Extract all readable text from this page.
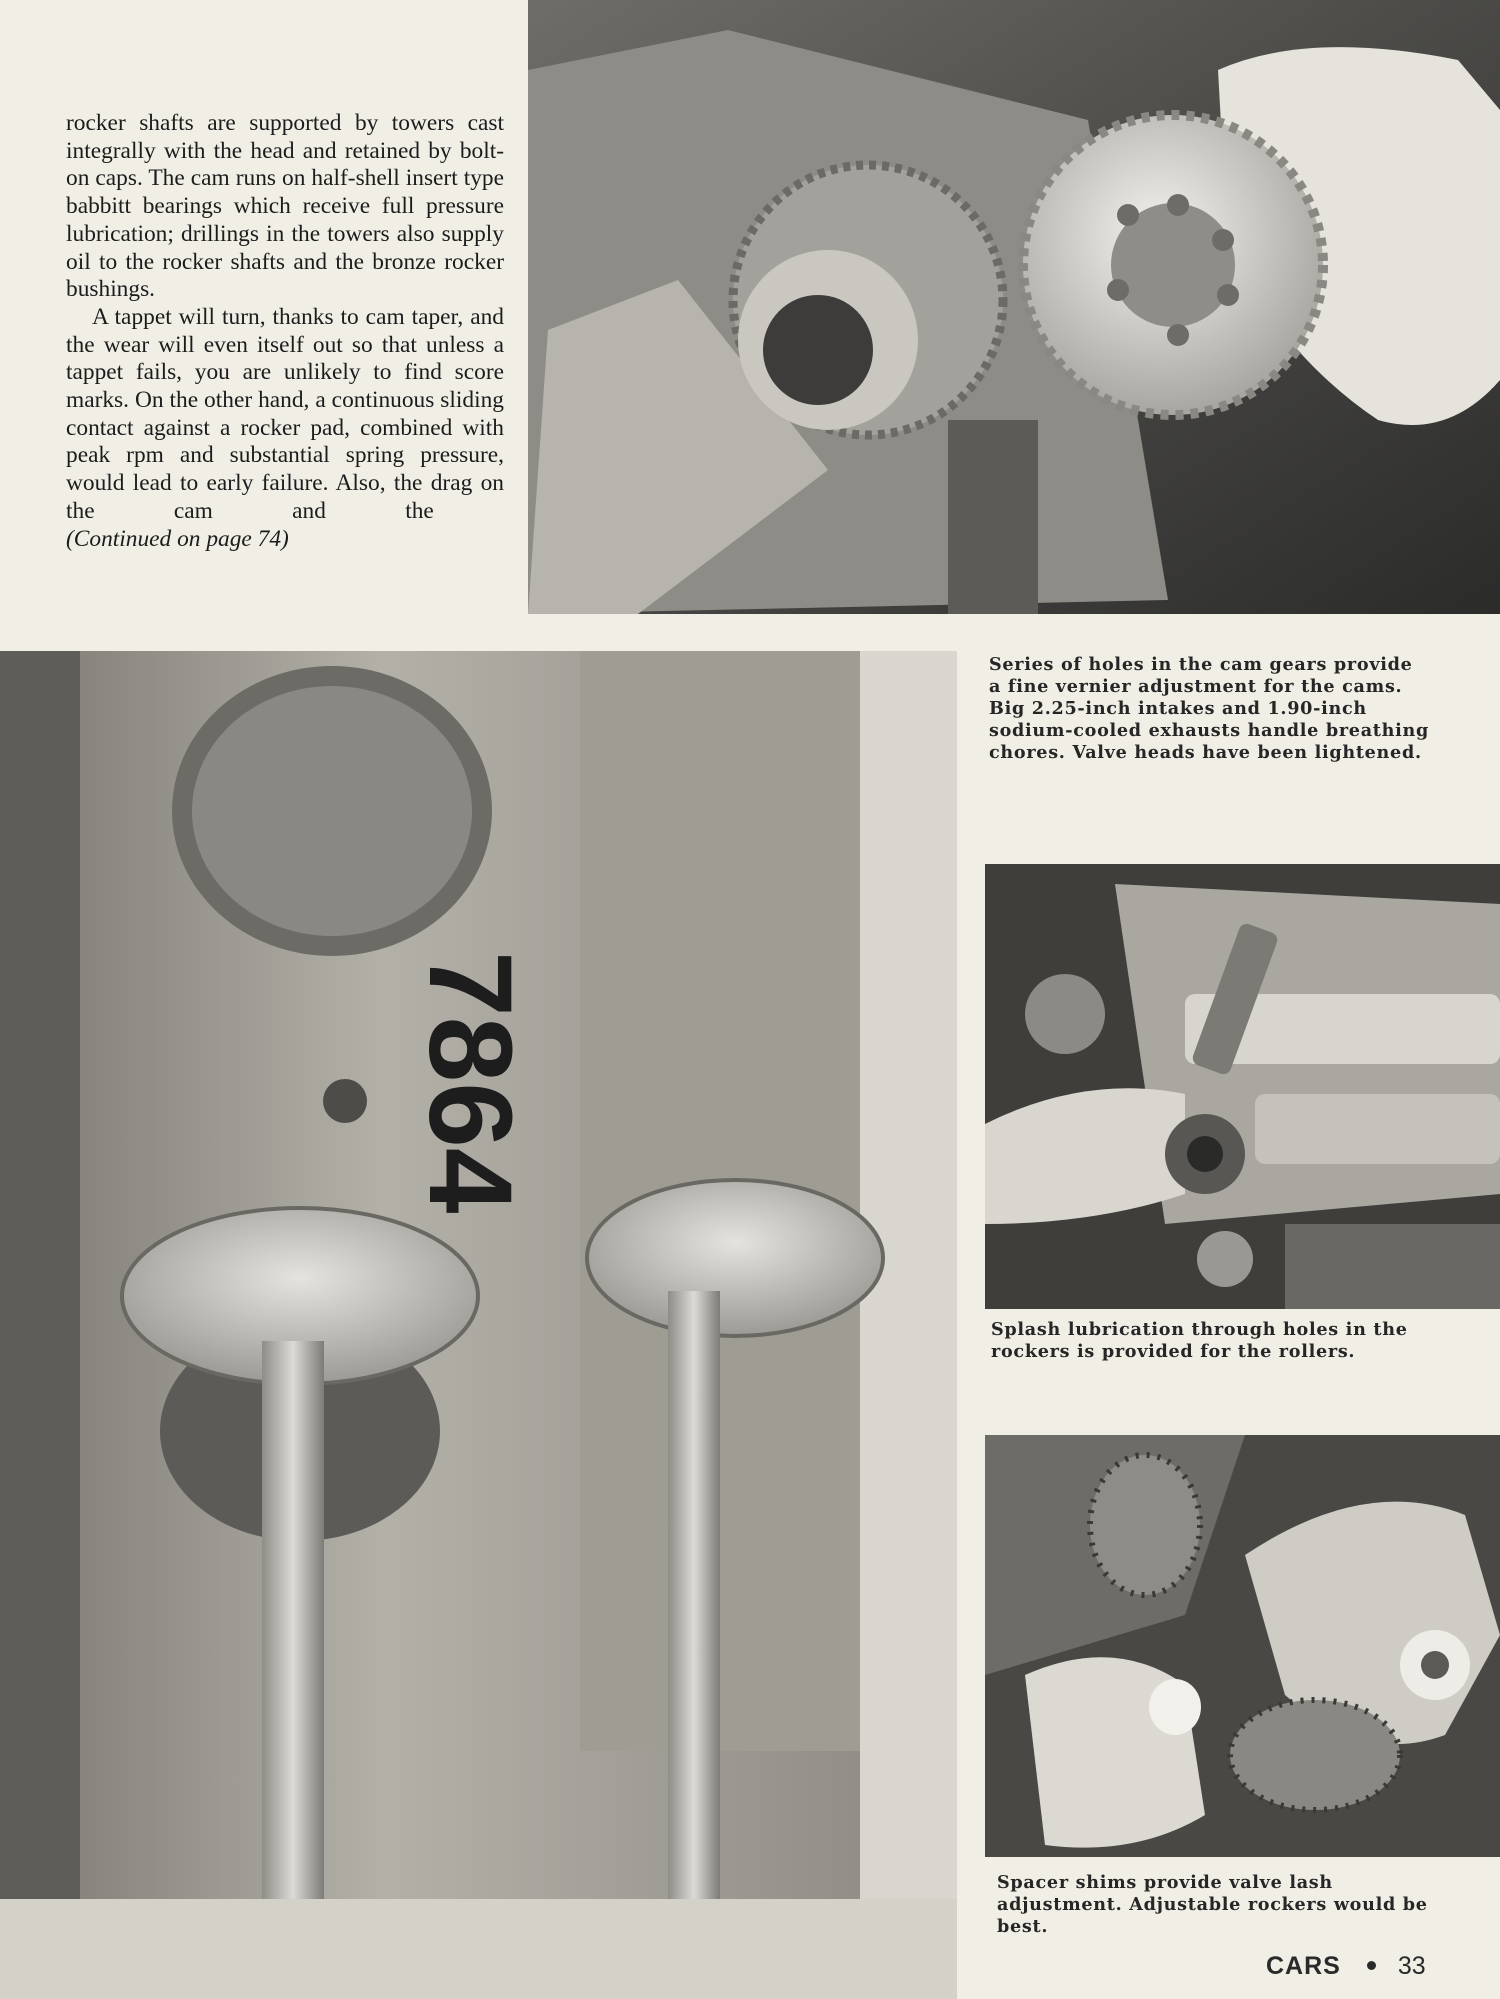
rocker shafts are supported by towers cast integrally with the head and retained by bolt-on caps. The cam runs on half-shell insert type babbitt bearings which receive full pressure lubrication; drillings in the towers also supply oil to the rocker shafts and the bronze rocker bushings.

A tappet will turn, thanks to cam taper, and the wear will even itself out so that unless a tappet fails, you are unlikely to find score marks. On the other hand, a continuous sliding contact against a rocker pad, combined with peak rpm and substantial spring pressure, would lead to early failure. Also, the drag on the cam and the   (Continued on page 74)

7864
Series of holes in the cam gears provide a fine vernier adjustment for the cams. Big 2.25-inch intakes and 1.90-inch sodium-cooled exhausts handle breathing chores. Valve heads have been lightened.
Splash lubrication through holes in the rockers is provided for the rollers.
Spacer shims provide valve lash adjustment. Adjustable rockers would be best.
CARS 33
